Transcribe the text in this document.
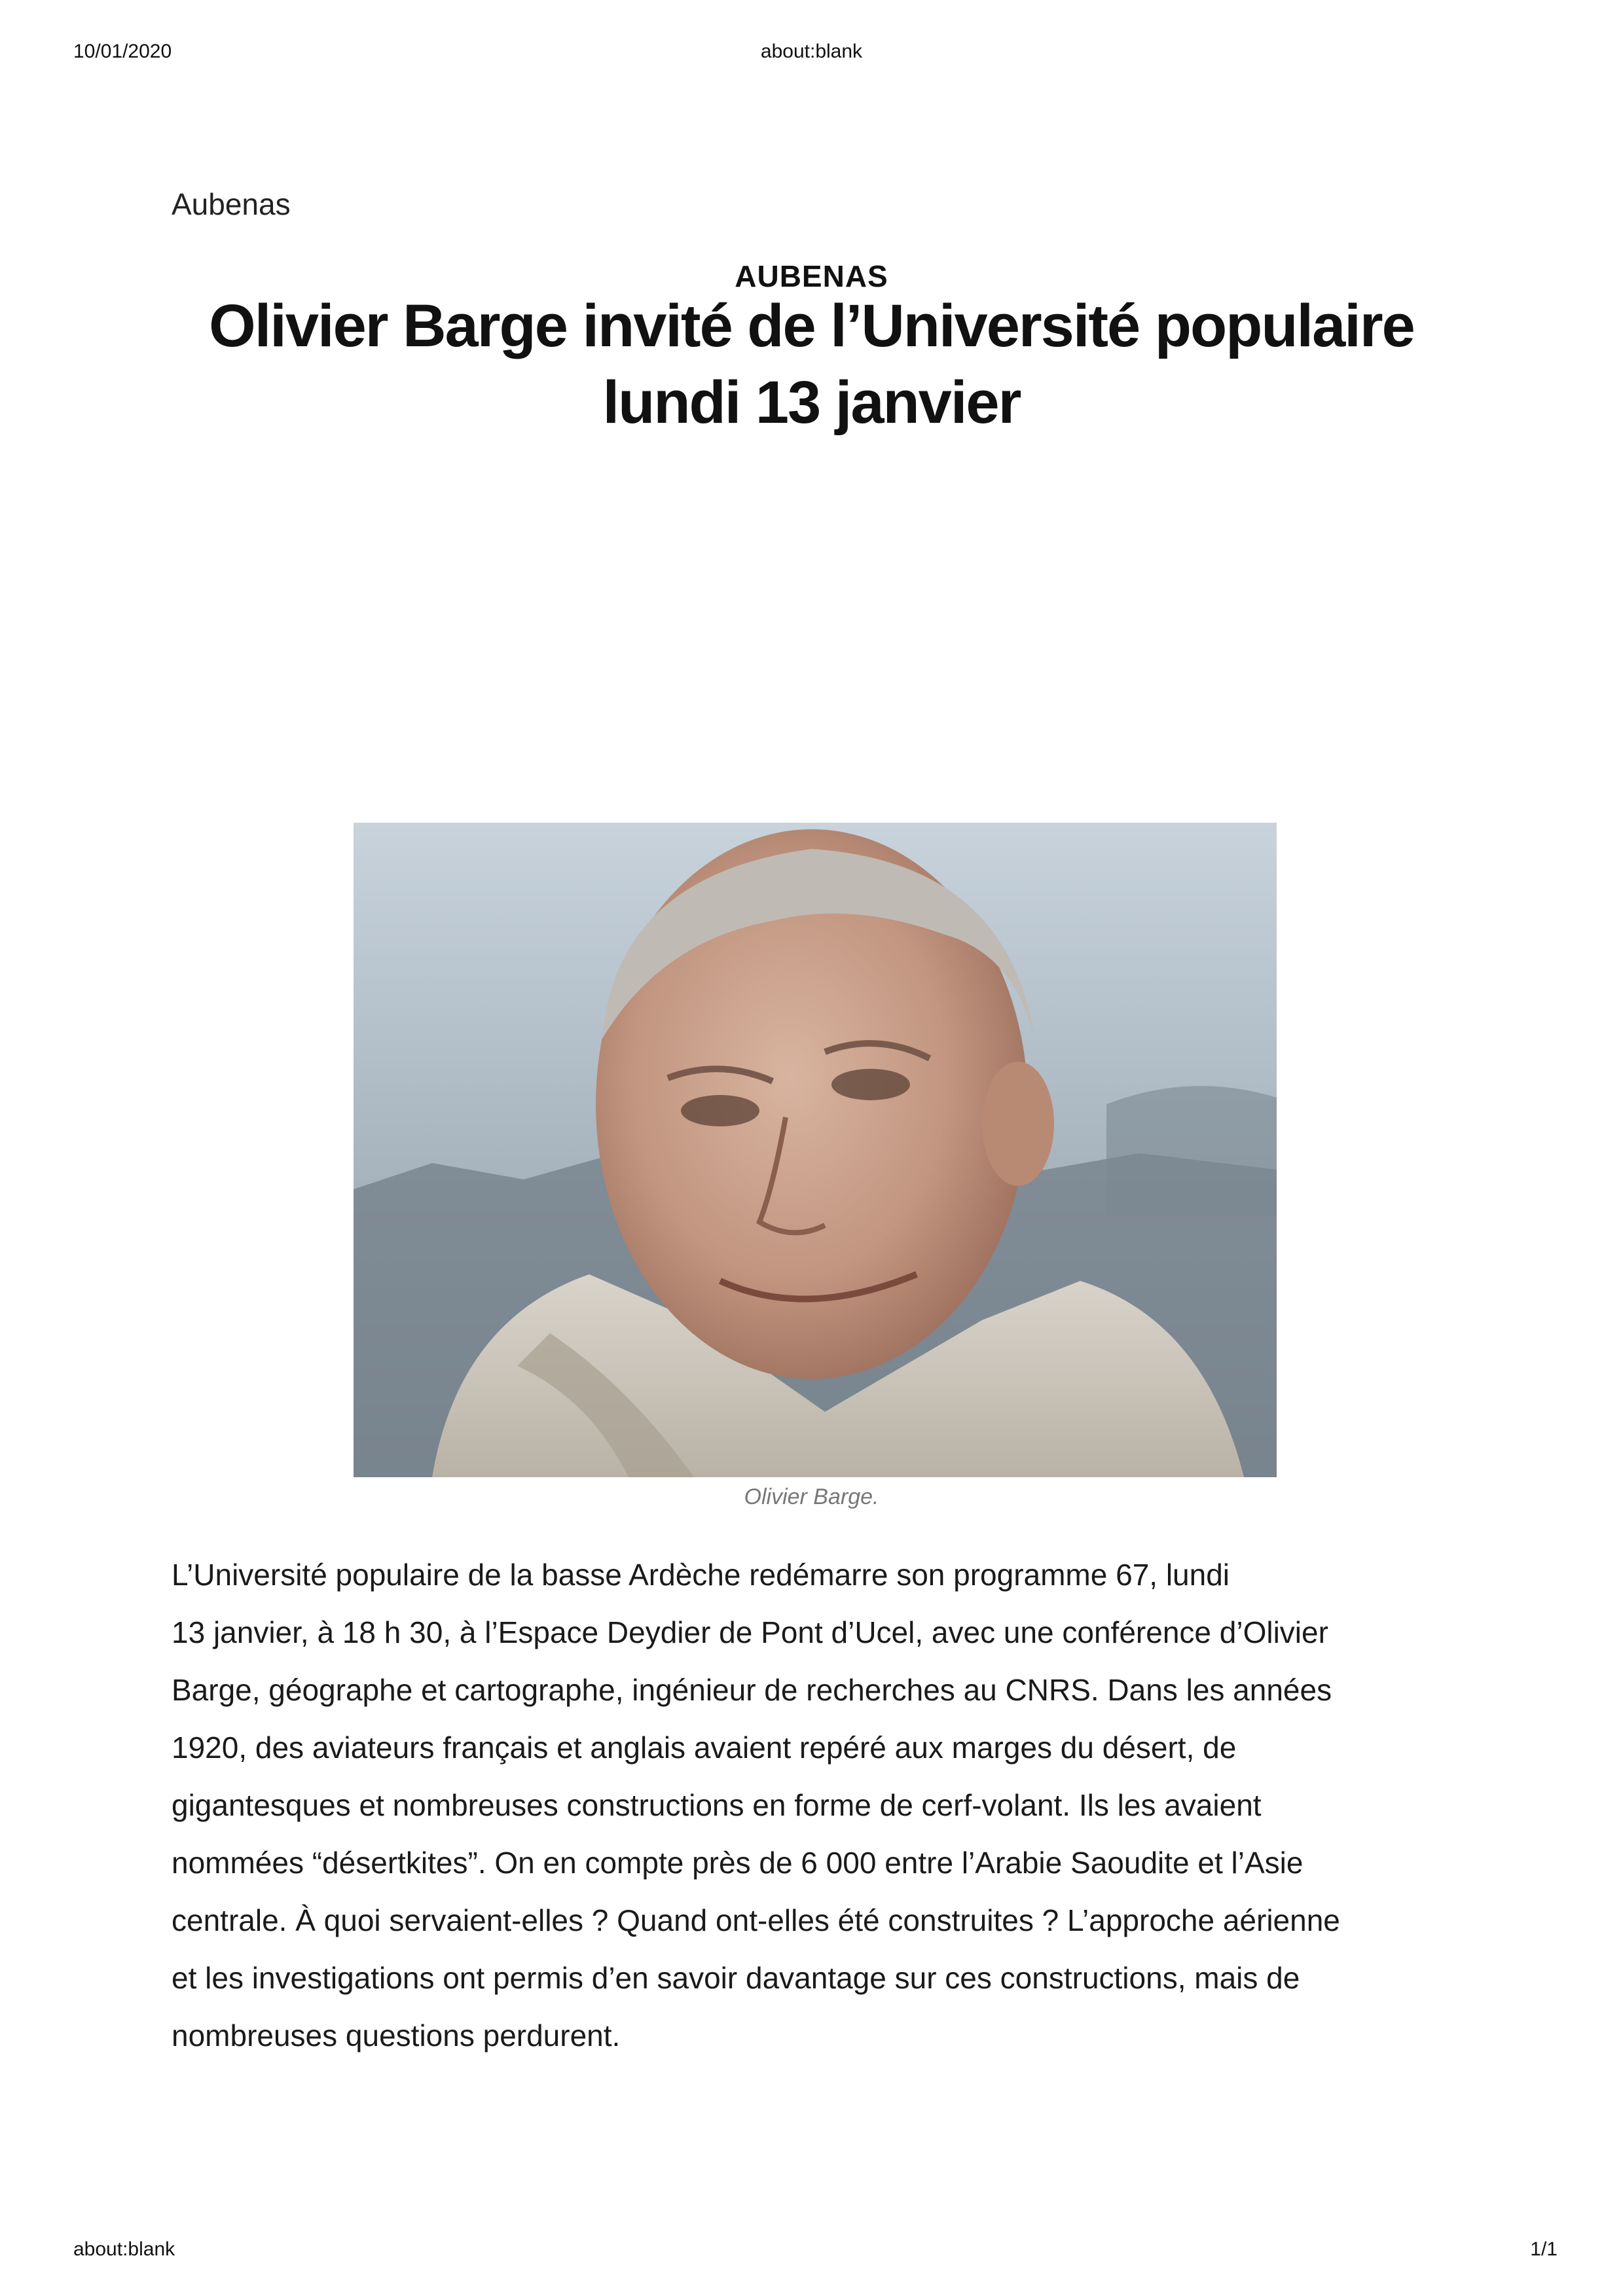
10/01/2020	about:blank
Aubenas
AUBENAS
Olivier Barge invité de l’Université populaire
lundi 13 janvier
Olivier Barge.

L’Université populaire de la basse Ardèche redémarre son programme 67, lundi
13 janvier, à 18 h 30, à l’Espace Deydier de Pont d’Ucel, avec une conférence d’Olivier
Barge, géographe et cartographe, ingénieur de recherches au CNRS. Dans les années
1920, des aviateurs français et anglais avaient repéré aux marges du désert, de
gigantesques et nombreuses constructions en forme de cerf-volant. Ils les avaient
nommées “désertkites”. On en compte près de 6 000 entre l’Arabie Saoudite et l’Asie
centrale. À quoi servaient-elles ? Quand ont-elles été construites ? L’approche aérienne
et les investigations ont permis d’en savoir davantage sur ces constructions, mais de
nombreuses questions perdurent.

about:blank	1/1
